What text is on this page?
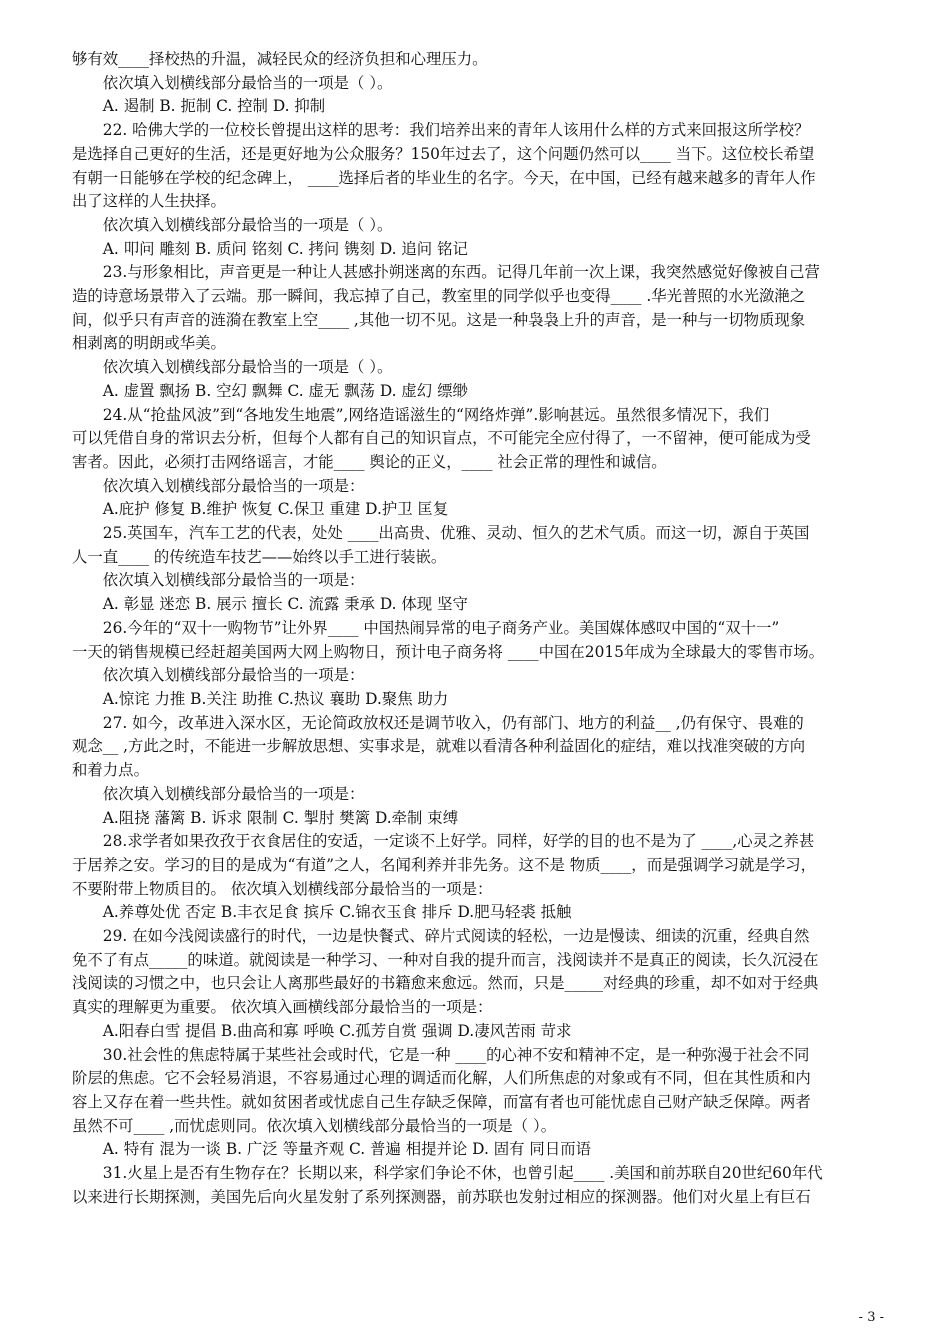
够有效____择校热的升温，减轻民众的经济负担和心理压力。

依次填入划横线部分最恰当的一项是（ ）。

A. 遏制 B. 扼制 C. 控制 D. 抑制

22. 哈佛大学的一位校长曾提出这样的思考：我们培养出来的青年人该用什么样的方式来回报这所学校？

是选择自己更好的生活，还是更好地为公众服务？150年过去了，这个问题仍然可以____ 当下。这位校长希望

有朝一日能够在学校的纪念碑上， ____选择后者的毕业生的名字。今天，在中国，已经有越来越多的青年人作

出了这样的人生抉择。

依次填入划横线部分最恰当的一项是（ ）。

A. 叩问 雕刻 B. 质问 铭刻 C. 拷问 镌刻 D. 追问 铭记

23.与形象相比，声音更是一种让人甚感扑朔迷离的东西。记得几年前一次上课，我突然感觉好像被自己营

造的诗意场景带入了云端。那一瞬间，我忘掉了自己，教室里的同学似乎也变得____ .华光普照的水光潋滟之

间，似乎只有声音的涟漪在教室上空____ ,其他一切不见。这是一种袅袅上升的声音，是一种与一切物质现象

相剥离的明朗或华美。

依次填入划横线部分最恰当的一项是（ ）。

A. 虚置 飘扬 B. 空幻 飘舞 C. 虚无 飘荡 D. 虚幻 缥缈

24.从“抢盐风波”到“各地发生地震”,网络造谣滋生的“网络炸弹”.影响甚远。虽然很多情况下，我们

可以凭借自身的常识去分析，但每个人都有自己的知识盲点，不可能完全应付得了，一不留神，便可能成为受

害者。因此，必须打击网络谣言，才能____ 舆论的正义，____ 社会正常的理性和诚信。

依次填入划横线部分最恰当的一项是：

A.庇护 修复 B.维护 恢复 C.保卫 重建 D.护卫 匡复

25.英国车，汽车工艺的代表，处处 ____出高贵、优雅、灵动、恒久的艺术气质。而这一切，源自于英国

人一直____ 的传统造车技艺——始终以手工进行装嵌。

依次填入划横线部分最恰当的一项是：

A. 彰显 迷恋 B. 展示 擅长 C. 流露 秉承 D. 体现 坚守

26.今年的“双十一购物节”让外界____ 中国热闹异常的电子商务产业。美国媒体感叹中国的“双十一”

一天的销售规模已经赶超美国两大网上购物日，预计电子商务将 ____中国在2015年成为全球最大的零售市场。

依次填入划横线部分最恰当的一项是：

A.惊诧 力推 B.关注 助推 C.热议 襄助 D.聚焦 助力

27. 如今，改革进入深水区，无论简政放权还是调节收入，仍有部门、地方的利益__ ,仍有保守、畏难的

观念__ ,方此之时，不能进一步解放思想、实事求是，就难以看清各种利益固化的症结，难以找准突破的方向

和着力点。

依次填入划横线部分最恰当的一项是：

A.阻挠 藩篱 B. 诉求 限制 C. 掣肘 樊篱 D.牵制 束缚

28.求学者如果孜孜于衣食居住的安适，一定谈不上好学。同样，好学的目的也不是为了 ____,心灵之养甚

于居养之安。学习的目的是成为“有道”之人，名闻利养并非先务。这不是 物质____，而是强调学习就是学习，

不要附带上物质目的。 依次填入划横线部分最恰当的一项是：

A.养尊处优 否定 B.丰衣足食 摈斥 C.锦衣玉食 排斥 D.肥马轻裘 抵触

29. 在如今浅阅读盛行的时代，一边是快餐式、碎片式阅读的轻松，一边是慢读、细读的沉重，经典自然

免不了有点_____的味道。就阅读是一种学习、一种对自我的提升而言，浅阅读并不是真正的阅读，长久沉浸在

浅阅读的习惯之中，也只会让人离那些最好的书籍愈来愈远。然而，只是_____对经典的珍重，却不如对于经典

真实的理解更为重要。 依次填入画横线部分最恰当的一项是：

A.阳春白雪 提倡 B.曲高和寡 呼唤 C.孤芳自赏 强调 D.凄风苦雨 苛求

30.社会性的焦虑特属于某些社会或时代，它是一种 ____的心神不安和精神不定，是一种弥漫于社会不同

阶层的焦虑。它不会轻易消退，不容易通过心理的调适而化解，人们所焦虑的对象或有不同，但在其性质和内

容上又存在着一些共性。就如贫困者或忧虑自己生存缺乏保障，而富有者也可能忧虑自己财产缺乏保障。两者

虽然不可____ ,而忧虑则同。依次填入划横线部分最恰当的一项是（ ）。

A. 特有 混为一谈 B. 广泛 等量齐观 C. 普遍 相提并论 D. 固有 同日而语

31.火星上是否有生物存在？长期以来，科学家们争论不休，也曾引起____ .美国和前苏联自20世纪60年代

以来进行长期探测，美国先后向火星发射了系列探测器，前苏联也发射过相应的探测器。他们对火星上有巨石

- 3 -
